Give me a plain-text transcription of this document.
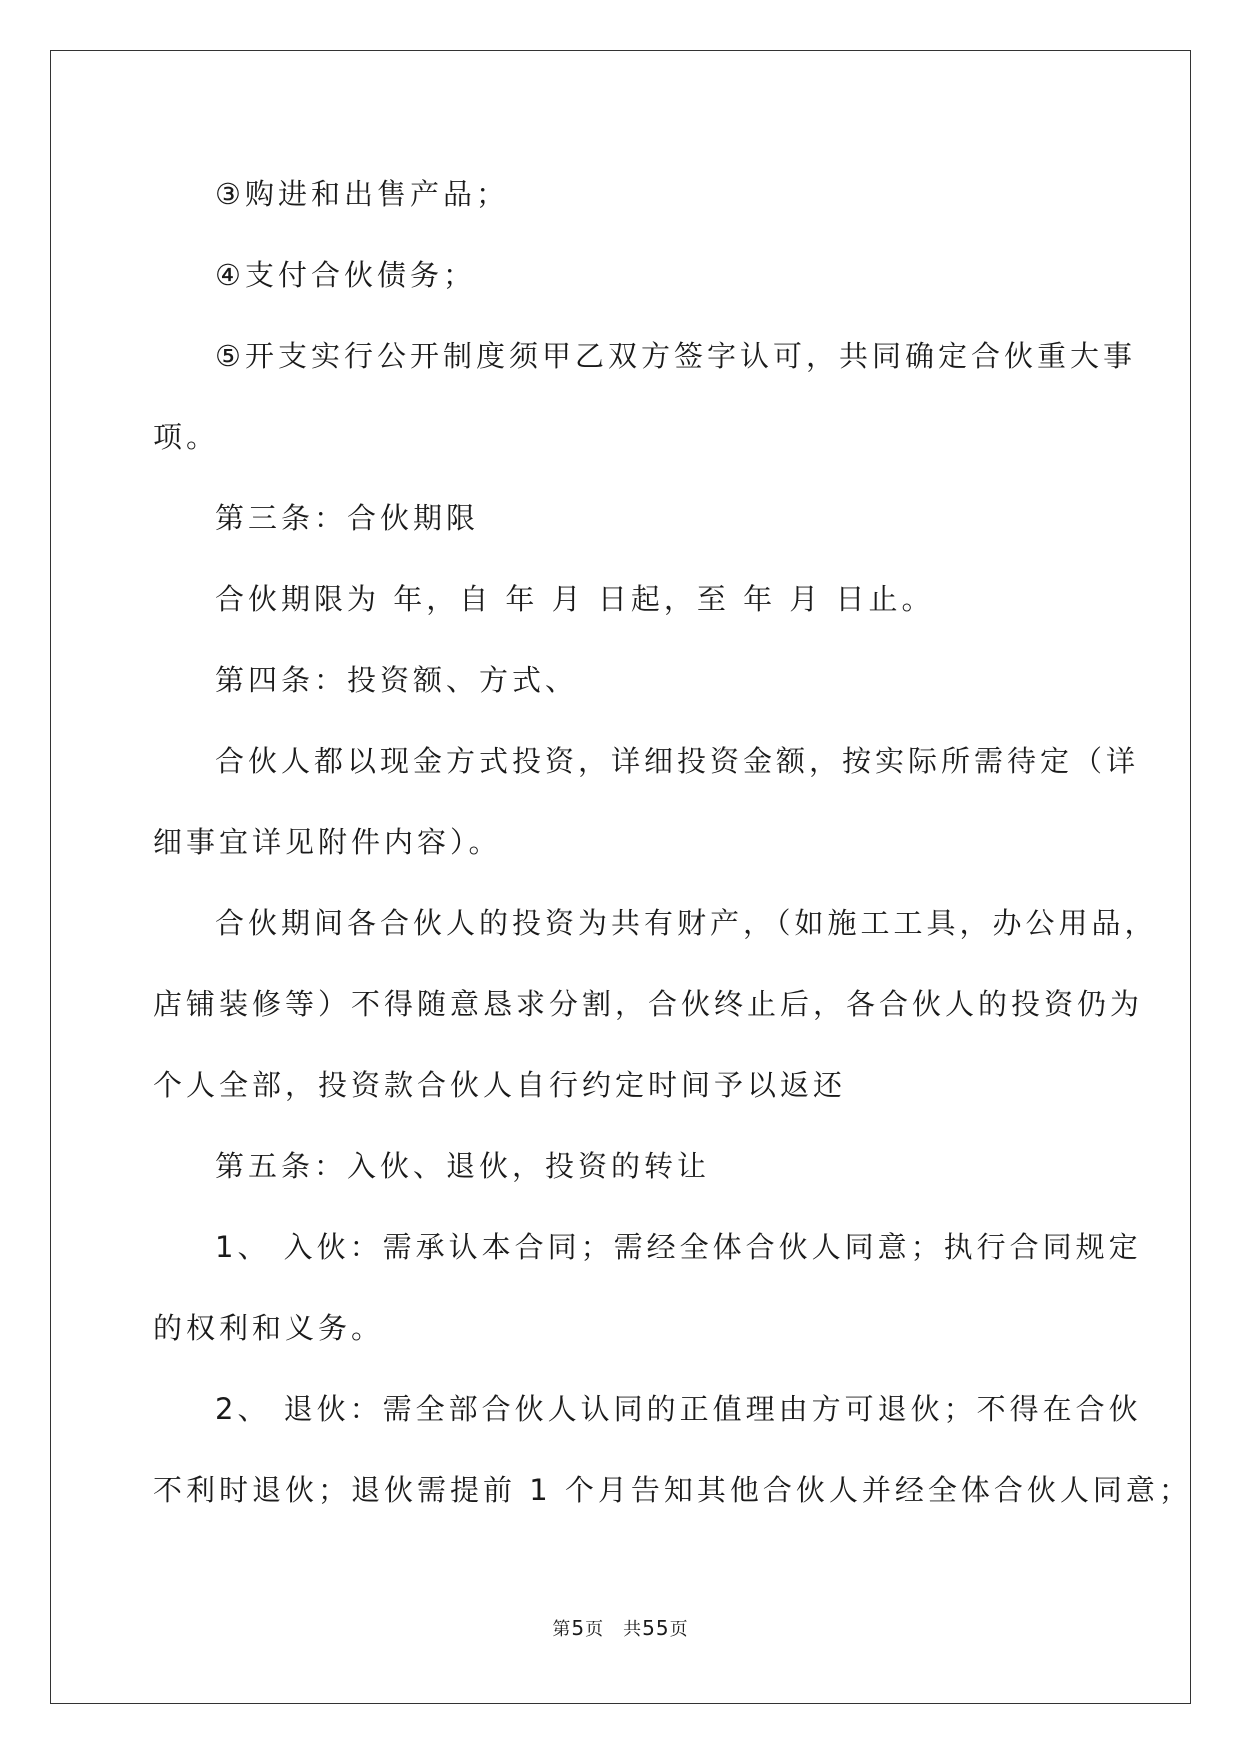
③购进和出售产品；
④支付合伙债务；
⑤开支实行公开制度须甲乙双方签字认可，共同确定合伙重大事
项。
第三条：合伙期限
合伙期限为 年，自 年 月 日起，至 年 月 日止。
第四条：投资额、方式、
合伙人都以现金方式投资，详细投资金额，按实际所需待定（详
细事宜详见附件内容）。
合伙期间各合伙人的投资为共有财产，（如施工工具，办公用品，
店铺装修等）不得随意恳求分割，合伙终止后，各合伙人的投资仍为
个人全部，投资款合伙人自行约定时间予以返还
第五条：入伙、退伙，投资的转让
1、 入伙：需承认本合同；需经全体合伙人同意；执行合同规定
的权利和义务。
2、 退伙：需全部合伙人认同的正值理由方可退伙；不得在合伙
不利时退伙；退伙需提前 1 个月告知其他合伙人并经全体合伙人同意；
第5页　共55页
